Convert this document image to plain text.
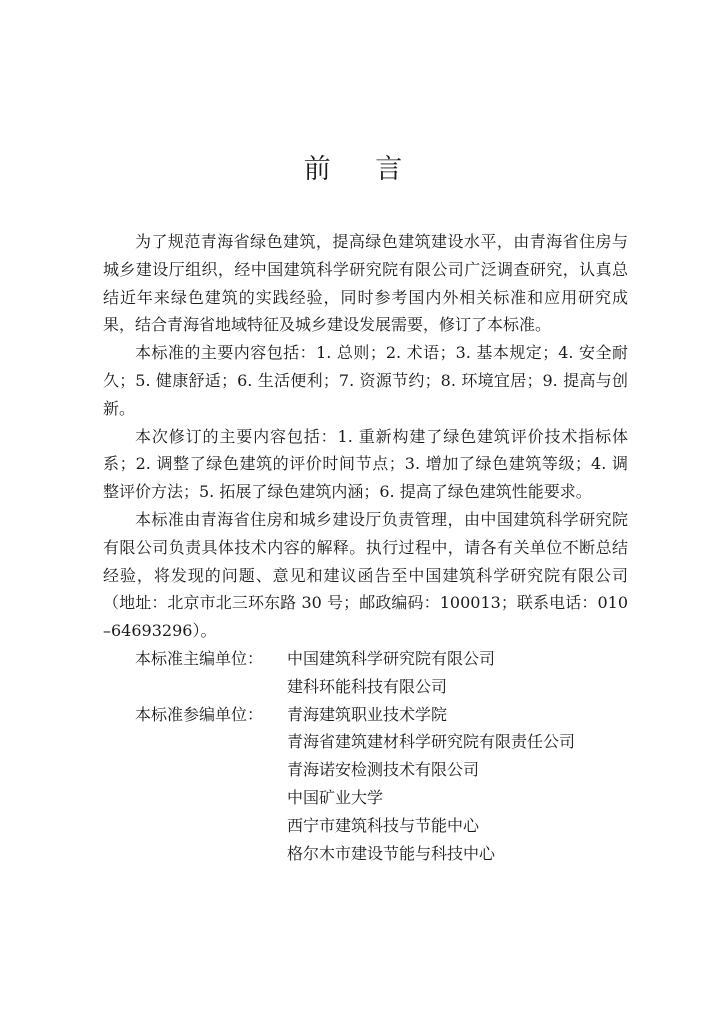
前 言

为了规范青海省绿色建筑，提高绿色建筑建设水平，由青海省住房与城乡建设厅组织，经中国建筑科学研究院有限公司广泛调查研究，认真总结近年来绿色建筑的实践经验，同时参考国内外相关标准和应用研究成果，结合青海省地域特征及城乡建设发展需要，修订了本标准。

本标准的主要内容包括：1. 总则；2. 术语；3. 基本规定；4. 安全耐久；5. 健康舒适；6. 生活便利；7. 资源节约；8. 环境宜居；9. 提高与创新。

本次修订的主要内容包括：1. 重新构建了绿色建筑评价技术指标体系；2. 调整了绿色建筑的评价时间节点；3. 增加了绿色建筑等级；4. 调整评价方法；5. 拓展了绿色建筑内涵；6. 提高了绿色建筑性能要求。

本标准由青海省住房和城乡建设厅负责管理，由中国建筑科学研究院有限公司负责具体技术内容的解释。执行过程中，请各有关单位不断总结经验，将发现的问题、意见和建议函告至中国建筑科学研究院有限公司（地址：北京市北三环东路 30 号；邮政编码：100013；联系电话：010–64693296）。

本标准主编单位：	中国建筑科学研究院有限公司
建科环能科技有限公司
本标准参编单位：	青海建筑职业技术学院
青海省建筑建材科学研究院有限责任公司
青海诺安检测技术有限公司
中国矿业大学
西宁市建筑科技与节能中心
格尔木市建设节能与科技中心
